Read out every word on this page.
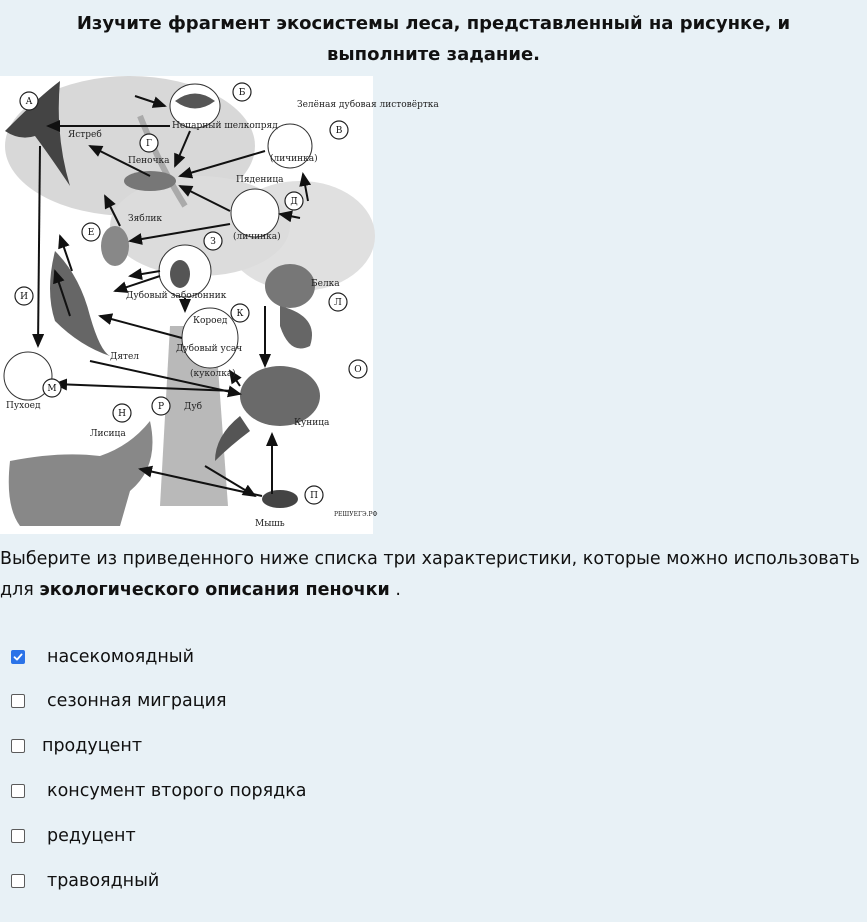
Изучите фрагмент экосистемы леса, представленный на рисунке, и выполните задание.
А
Б
В
Г
Д
Е
З
И
К
Л
М
Н
О
П
Р
Ястреб
Непарный шелкопряд
Зелёная дубовая листовёртка
(личинка)
Пеночка
Пяденица
(личинка)
Зяблик
Дубовый заболонник
Дятел
Короед
Дубовый усач
(куколка)
Белка
Пухоед
Лисица
Куница
Мышь
Дуб
РЕШУЕГЭ.РФ
Выберите из приведенного ниже списка три характеристики, которые можно использовать для экологического описания пеночки .
насекомоядный
сезонная миграция
продуцент
консумент второго порядка
редуцент
травоядный
